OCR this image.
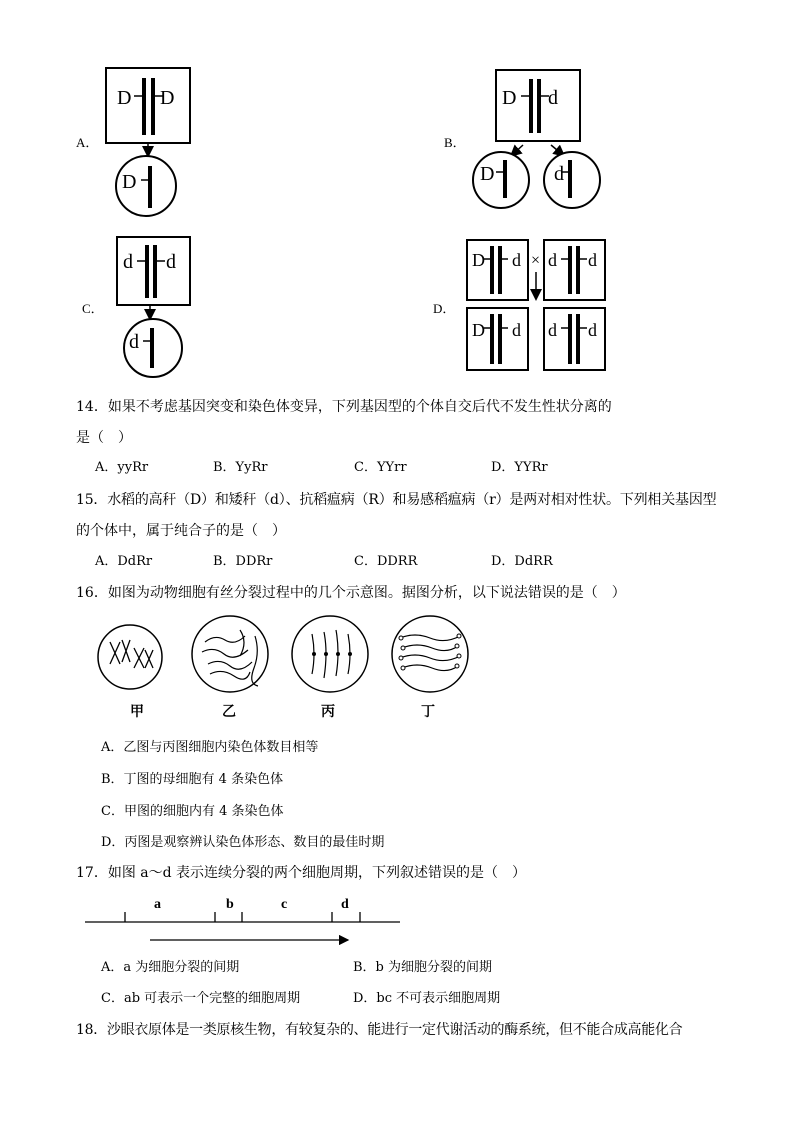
A．	B．
C．	D．
D D
D
D d
D	d
d d
d
D d × d d
D d d d
14．如果不考虑基因突变和染色体变异，下列基因型的个体自交后代不发生性状分离的
是（　）
A．yyRr	B．YyRr	C．YYrr	D．YYRr
15．水稻的高秆（D）和矮秆（d）、抗稻瘟病（R）和易感稻瘟病（r）是两对相对性状。下列相关基因型
的个体中，属于纯合子的是（　）
A．DdRr	B．DDRr	C．DDRR	D．DdRR
16．如图为动物细胞有丝分裂过程中的几个示意图。据图分析，以下说法错误的是（　）
甲	乙	丙	丁
A．乙图与丙图细胞内染色体数目相等
B．丁图的母细胞有 4 条染色体
C．甲图的细胞内有 4 条染色体
D．丙图是观察辨认染色体形态、数目的最佳时期
17．如图 a～d 表示连续分裂的两个细胞周期，下列叙述错误的是（　）
a	b	c	d
A．a 为细胞分裂的间期	B．b 为细胞分裂的间期
C．ab 可表示一个完整的细胞周期	D．bc 不可表示细胞周期
18．沙眼衣原体是一类原核生物，有较复杂的、能进行一定代谢活动的酶系统，但不能合成高能化合
